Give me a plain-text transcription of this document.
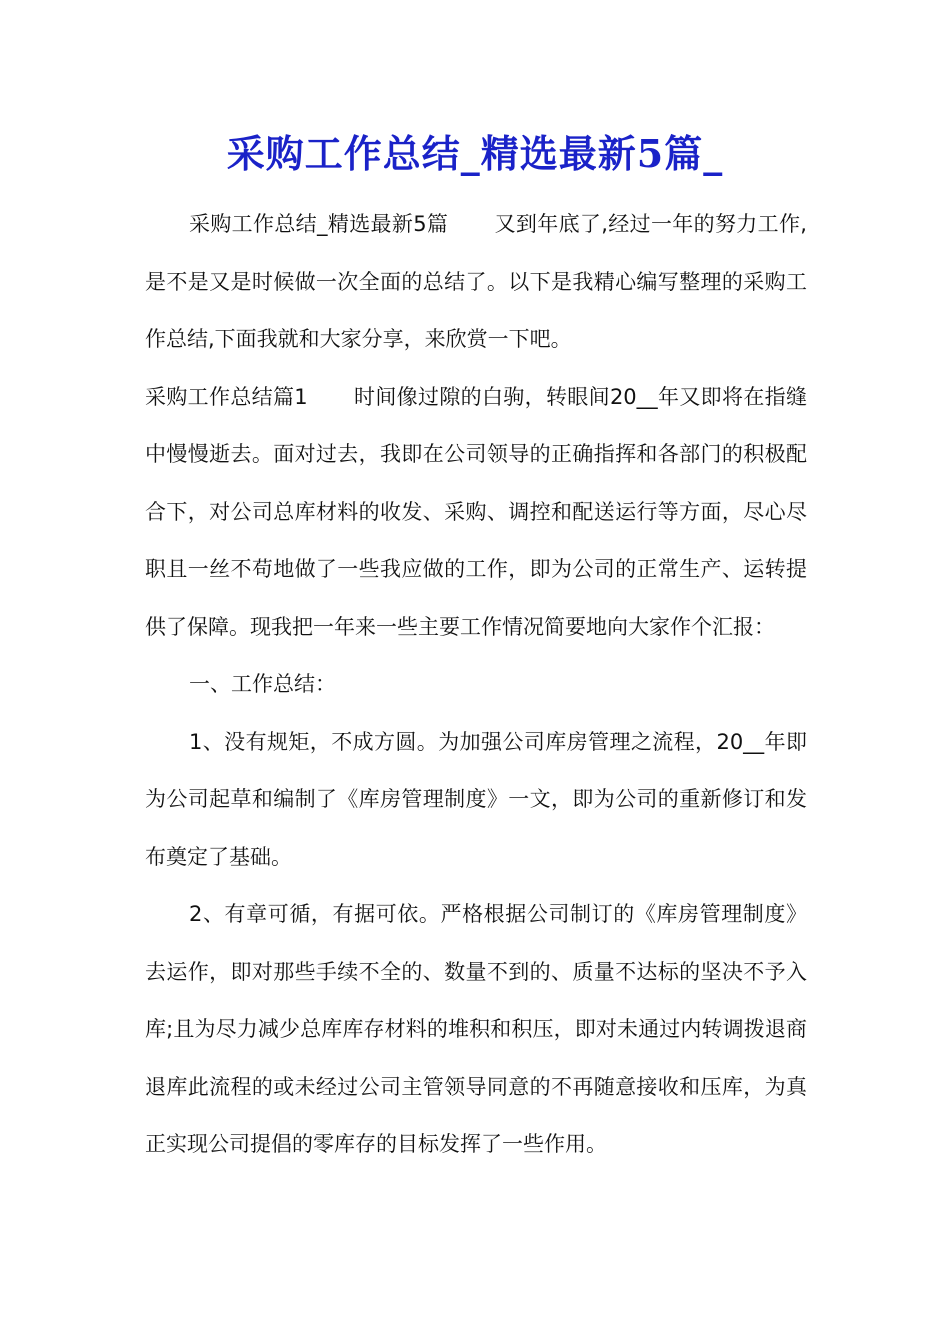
采购工作总结_精选最新5篇_

采购工作总结_精选最新5篇 又到年底了,经过一年的努力工作,是不是又是时候做一次全面的总结了。以下是我精心编写整理的采购工作总结,下面我就和大家分享，来欣赏一下吧。

采购工作总结篇1 时间像过隙的白驹，转眼间20__年又即将在指缝中慢慢逝去。面对过去，我即在公司领导的正确指挥和各部门的积极配合下，对公司总库材料的收发、采购、调控和配送运行等方面，尽心尽职且一丝不苟地做了一些我应做的工作，即为公司的正常生产、运转提供了保障。现我把一年来一些主要工作情况简要地向大家作个汇报：

一、工作总结：

1、没有规矩，不成方圆。为加强公司库房管理之流程，20__年即为公司起草和编制了《库房管理制度》一文，即为公司的重新修订和发布奠定了基础。

2、有章可循，有据可依。严格根据公司制订的《库房管理制度》去运作，即对那些手续不全的、数量不到的、质量不达标的坚决不予入库;且为尽力减少总库库存材料的堆积和积压，即对未通过内转调拨退商退库此流程的或未经过公司主管领导同意的不再随意接收和压库，为真正实现公司提倡的零库存的目标发挥了一些作用。
